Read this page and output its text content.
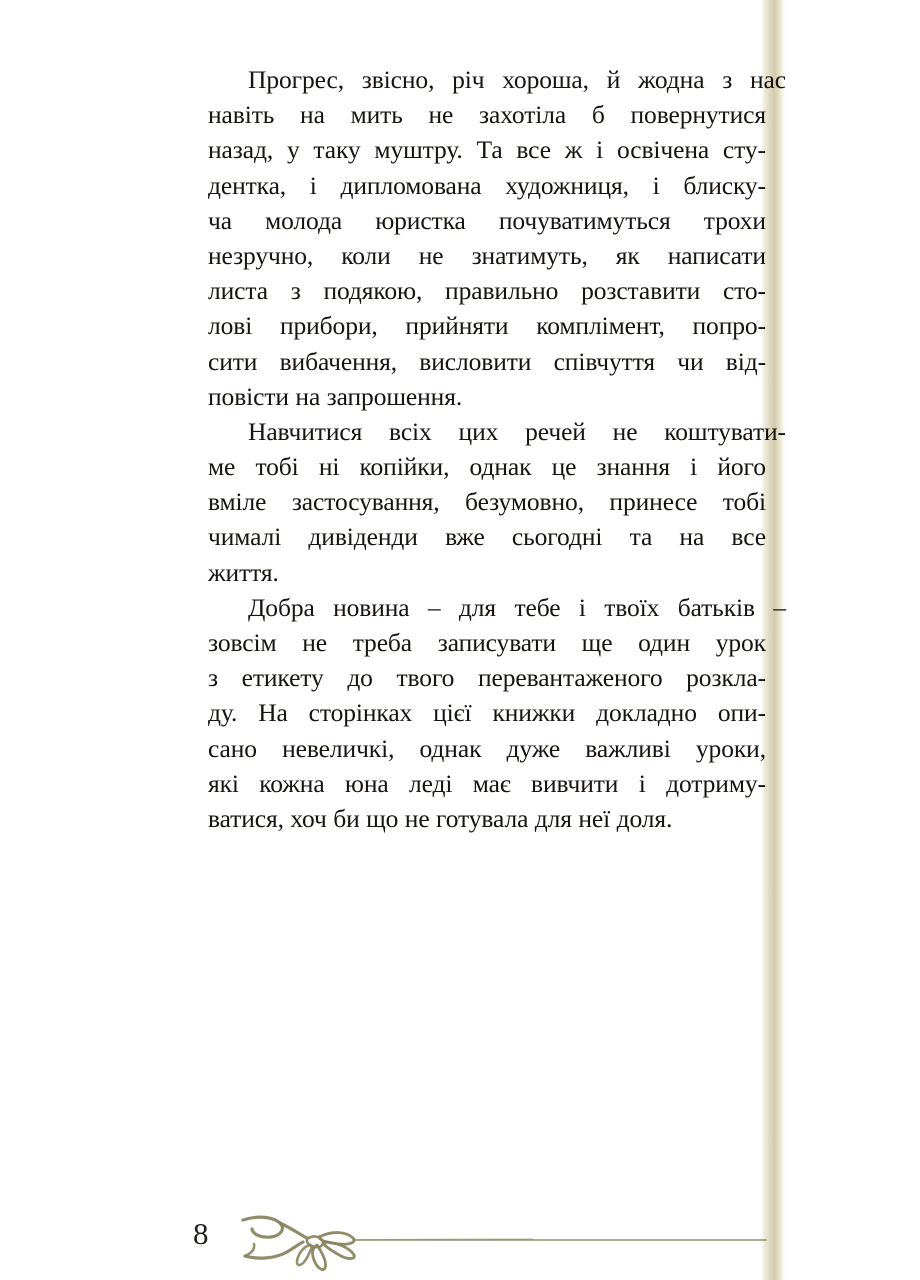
Прогрес, звісно, річ хороша, й жодна з нас
навіть на мить не захотіла б повернутися
назад, у таку муштру. Та все ж і освічена сту-
дентка, і дипломована художниця, і блиску-
ча молода юристка почуватимуться трохи
незручно, коли не знатимуть, як написати
листа з подякою, правильно розставити сто-
лові прибори, прийняти комплімент, попро-
сити вибачення, висловити співчуття чи від-
повісти на запрошення.
Навчитися всіх цих речей не коштувати-
ме тобі ні копійки, однак це знання і його
вміле застосування, безумовно, принесе тобі
чималі дивіденди вже сьогодні та на все
життя.
Добра новина – для тебе і твоїх батьків –
зовсім не треба записувати ще один урок
з етикету до твого перевантаженого розкла-
ду. На сторінках цієї книжки докладно опи-
сано невеличкі, однак дуже важливі уроки,
які кожна юна леді має вивчити і дотриму-
ватися, хоч би що не готувала для неї доля.
8
